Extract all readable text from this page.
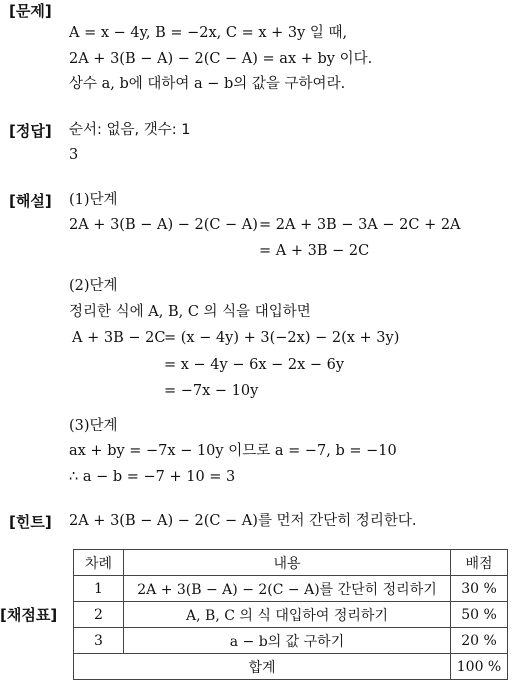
[문제]
A = x − 4y, B = −2x, C = x + 3y 일 때,
2A + 3(B − A) − 2(C − A) = ax + by 이다.
상수 a, b에 대하여 a − b의 값을 구하여라.
[정답] 순서: 없음, 갯수: 1
3
[해설] (1)단계
2A + 3(B − A) − 2(C − A) = 2A + 3B − 3A − 2C + 2A
= A + 3B − 2C
(2)단계
정리한 식에 A, B, C 의 식을 대입하면
A + 3B − 2C
= (x − 4y) + 3(−2x) − 2(x + 3y)
= x − 4y − 6x − 2x − 6y
= −7x − 10y
(3)단계
ax + by = −7x − 10y 이므로 a = −7, b = −10
∴ a − b = −7 + 10 = 3
[힌트] 2A + 3(B − A) − 2(C − A)를 먼저 간단히 정리한다.
[채점표]
차례	내용	배점
1	2A + 3(B − A) − 2(C − A)를 간단히 정리하기	30 %
2	A, B, C 의 식 대입하여 정리하기	50 %
3	a − b의 값 구하기	20 %
합계		100 %
